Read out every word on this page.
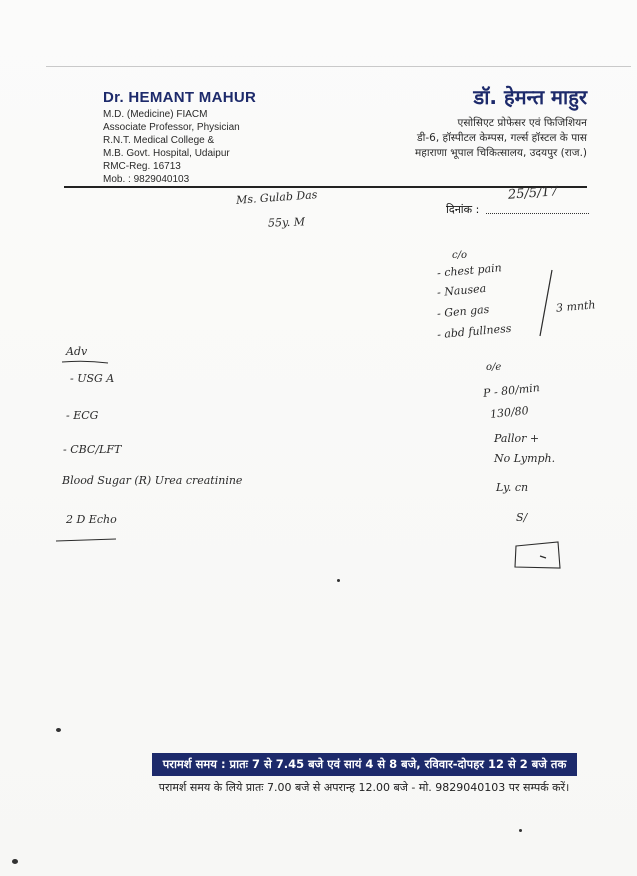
Dr. HEMANT MAHUR
M.D. (Medicine) FIACM
Associate Professor, Physician
R.N.T. Medical College &
M.B. Govt. Hospital, Udaipur
RMC-Reg. 16713
Mob. : 9829040103
डॉ. हेमन्त माहुर
एसोसिएट प्रोफेसर एवं फिजिशियन
डी-6, हॉस्पीटल केम्पस, गर्ल्स हॉस्टल के पास
महाराणा भूपाल चिकित्सालय, उदयपुर (राज.)
दिनांक :
25/5/17
Ms. Gulab Das
55y. M
c/o
- chest pain
- Nausea
- Gen gas
- abd fullness
3 mnth
Adv
- USG A
- ECG
- CBC/LFT
Blood Sugar (R) Urea creatinine
2 D Echo
o/e
P - 80/min
130/80
Pallor +
No Lymph.
Ly. cn
S/
परामर्श समय : प्रातः 7 से 7.45 बजे एवं सायं 4 से 8 बजे, रविवार-दोपहर 12 से 2 बजे तक
परामर्श समय के लिये प्रातः 7.00 बजे से अपरान्ह 12.00 बजे - मो. 9829040103 पर सम्पर्क करें।
